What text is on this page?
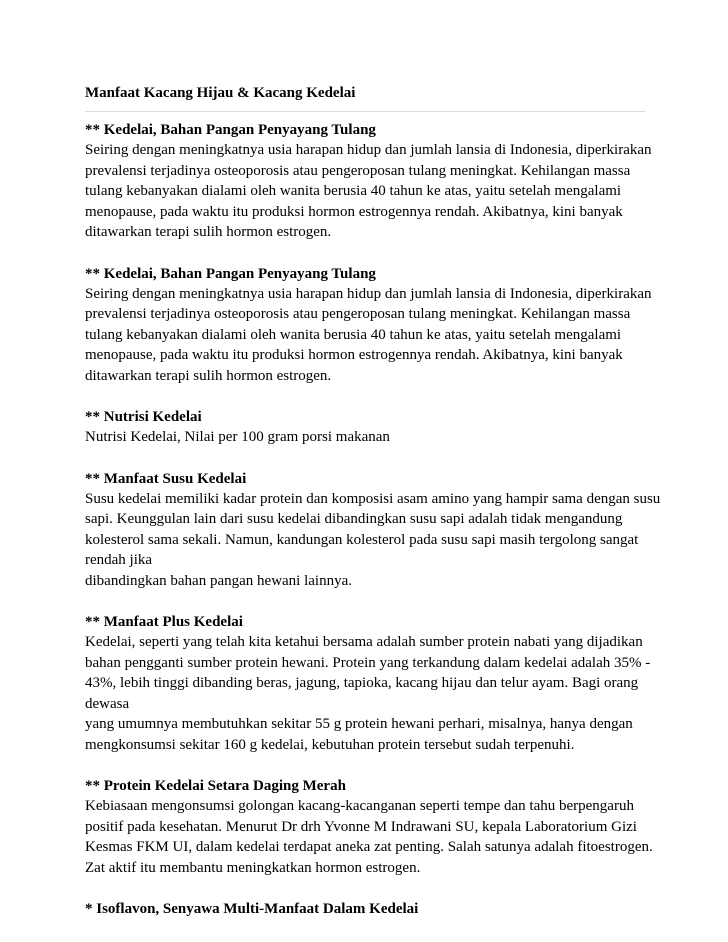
Manfaat Kacang Hijau & Kacang Kedelai
** Kedelai, Bahan Pangan Penyayang Tulang
Seiring dengan meningkatnya usia harapan hidup dan jumlah lansia di Indonesia, diperkirakan
prevalensi terjadinya osteoporosis atau pengeroposan tulang meningkat. Kehilangan massa
tulang kebanyakan dialami oleh wanita berusia 40 tahun ke atas, yaitu setelah mengalami
menopause, pada waktu itu produksi hormon estrogennya rendah. Akibatnya, kini banyak
ditawarkan terapi sulih hormon estrogen.
** Kedelai, Bahan Pangan Penyayang Tulang
Seiring dengan meningkatnya usia harapan hidup dan jumlah lansia di Indonesia, diperkirakan
prevalensi terjadinya osteoporosis atau pengeroposan tulang meningkat. Kehilangan massa
tulang kebanyakan dialami oleh wanita berusia 40 tahun ke atas, yaitu setelah mengalami
menopause, pada waktu itu produksi hormon estrogennya rendah. Akibatnya, kini banyak
ditawarkan terapi sulih hormon estrogen.
** Nutrisi Kedelai
Nutrisi Kedelai, Nilai per 100 gram porsi makanan
** Manfaat Susu Kedelai
Susu kedelai memiliki kadar protein dan komposisi asam amino yang hampir sama dengan susu
sapi. Keunggulan lain dari susu kedelai dibandingkan susu sapi adalah tidak mengandung
kolesterol sama sekali. Namun, kandungan kolesterol pada susu sapi masih tergolong sangat
rendah jika
dibandingkan bahan pangan hewani lainnya.
** Manfaat Plus Kedelai
Kedelai, seperti yang telah kita ketahui bersama adalah sumber protein nabati yang dijadikan
bahan pengganti sumber protein hewani. Protein yang terkandung dalam kedelai adalah 35% -
43%, lebih tinggi dibanding beras, jagung, tapioka, kacang hijau dan telur ayam. Bagi orang
dewasa
yang umumnya membutuhkan sekitar 55 g protein hewani perhari, misalnya, hanya dengan
mengkonsumsi sekitar 160 g kedelai, kebutuhan protein tersebut sudah terpenuhi.
** Protein Kedelai Setara Daging Merah
Kebiasaan mengonsumsi golongan kacang-kacanganan seperti tempe dan tahu berpengaruh
positif pada kesehatan. Menurut Dr drh Yvonne M Indrawani SU, kepala Laboratorium Gizi
Kesmas FKM UI, dalam kedelai terdapat aneka zat penting. Salah satunya adalah fitoestrogen.
Zat aktif itu membantu meningkatkan hormon estrogen.
* Isoflavon, Senyawa Multi-Manfaat Dalam Kedelai
